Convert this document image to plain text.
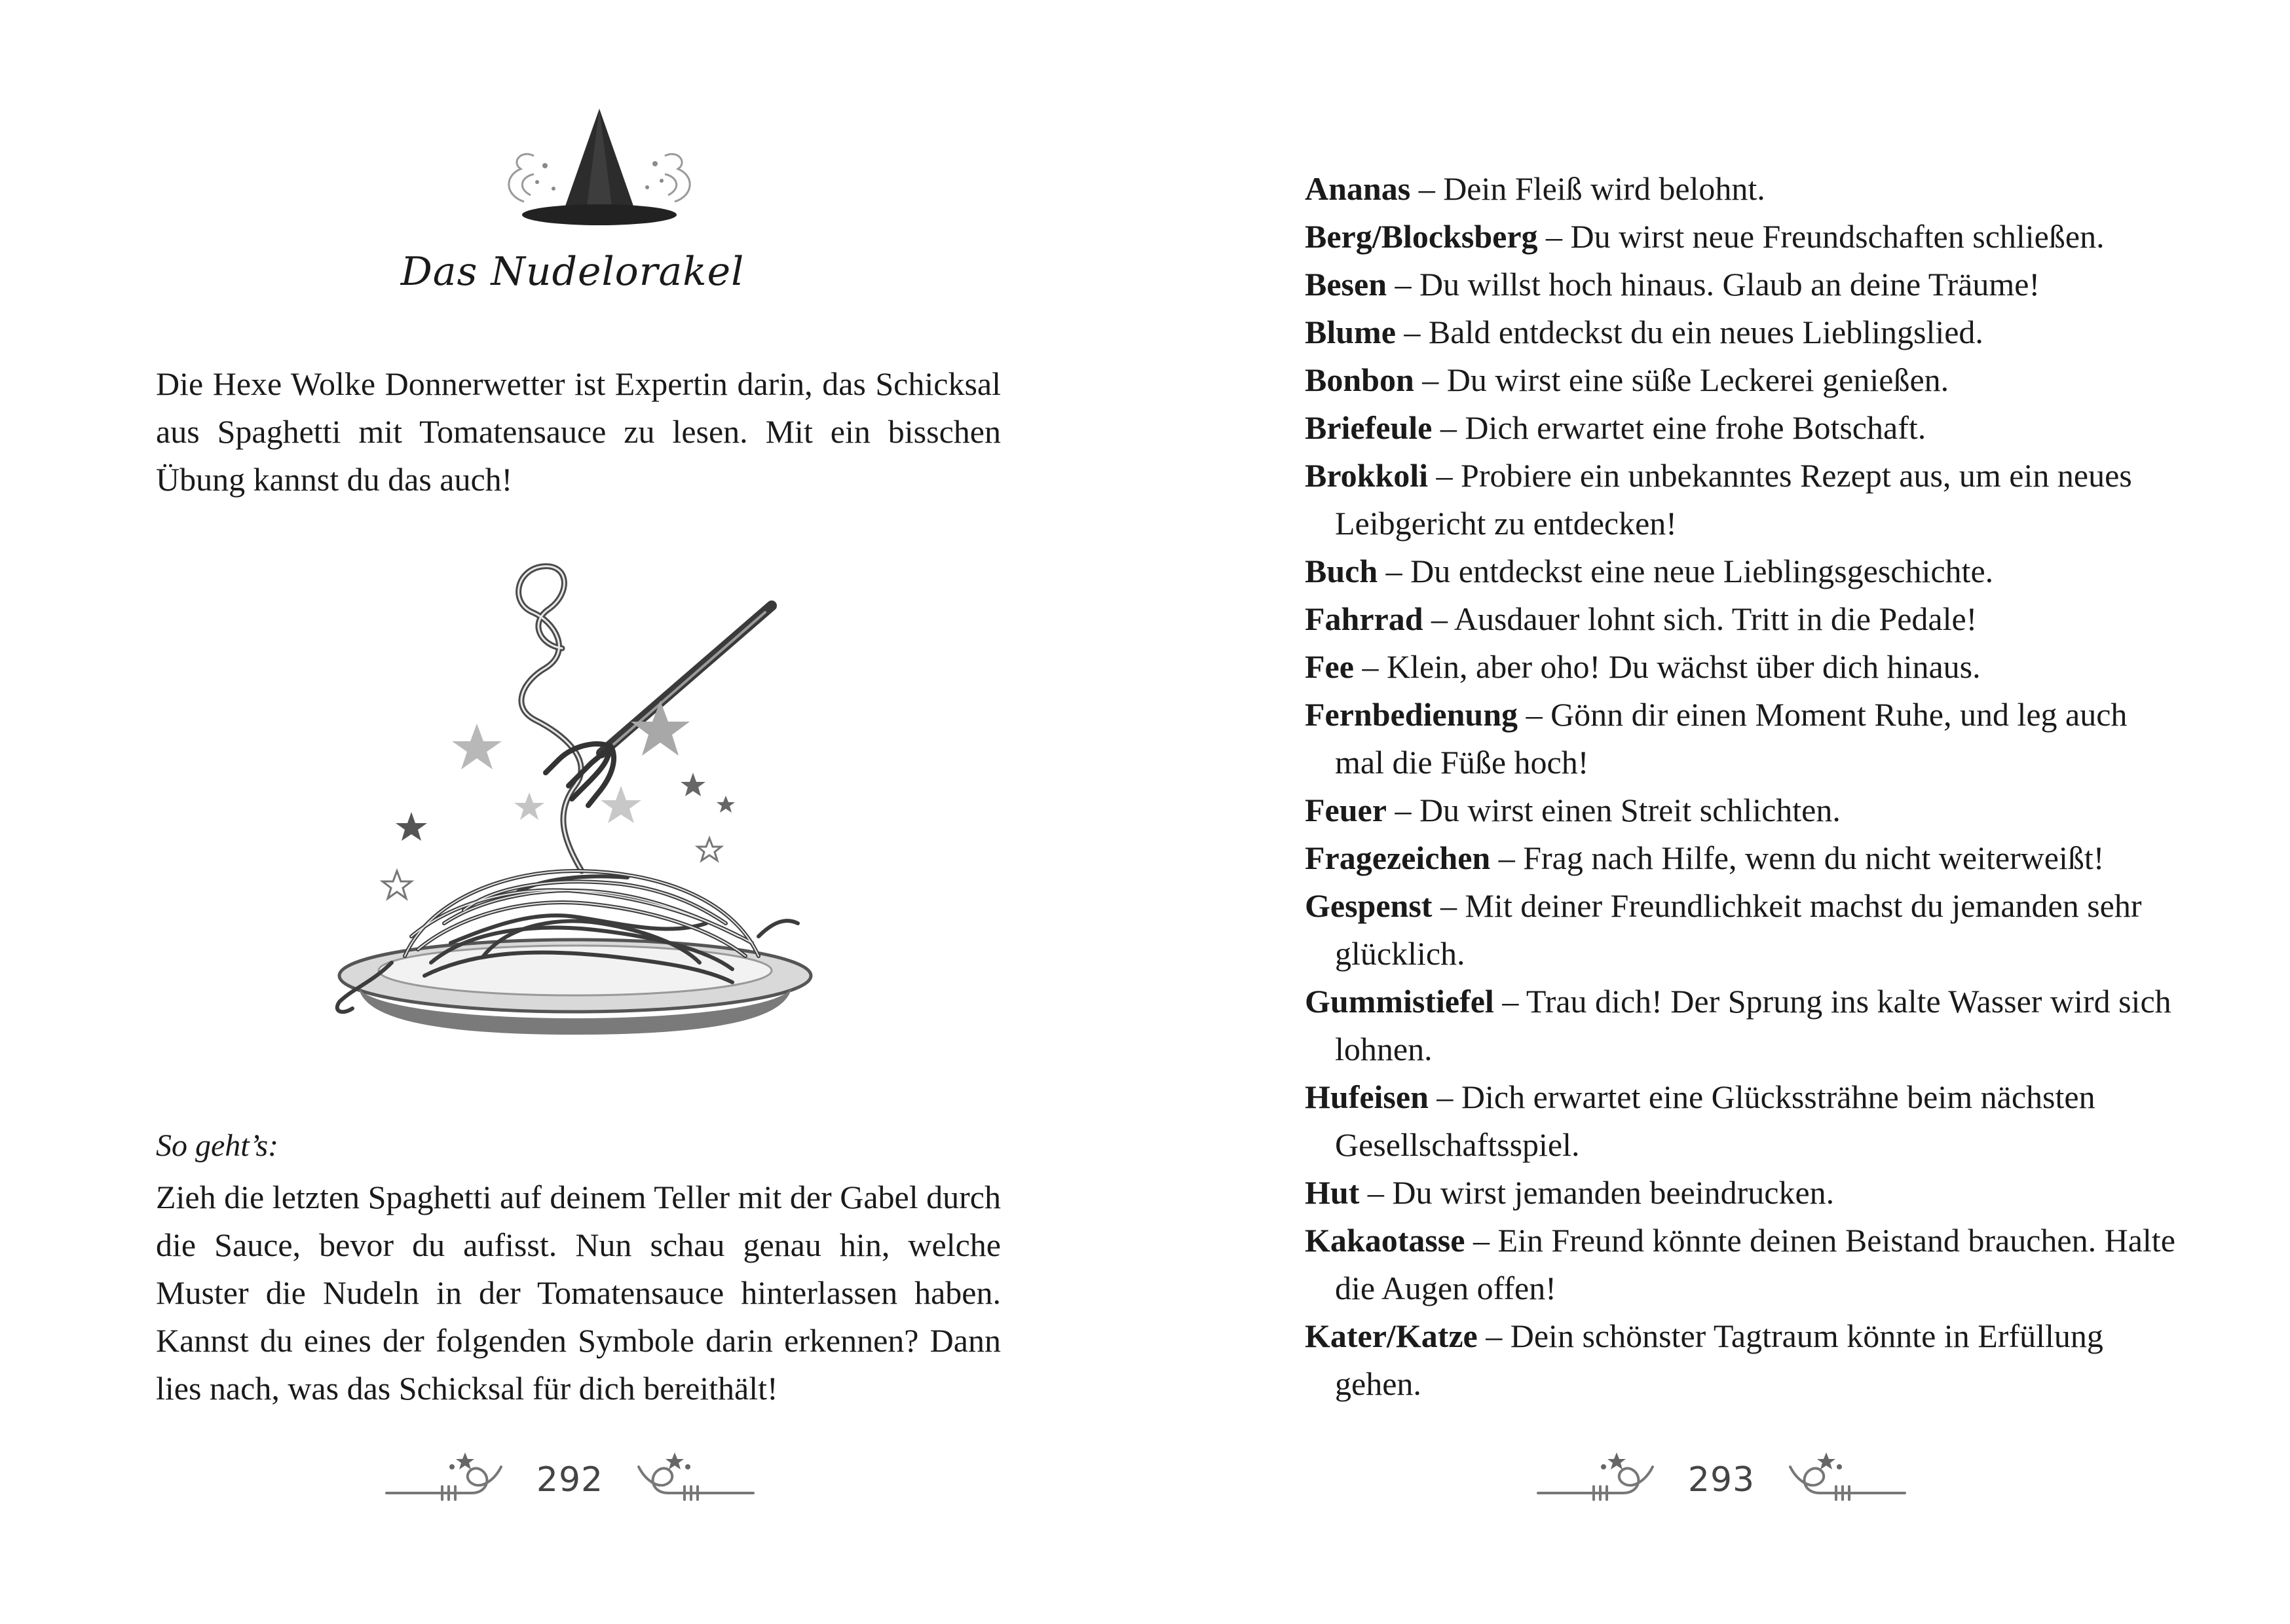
Das Nudelorakel

Die Hexe Wolke Donnerwetter ist Expertin darin, das Schicksal aus Spaghetti mit Tomatensauce zu lesen. Mit ein bisschen Übung kannst du das auch!

So geht’s:

Zieh die letzten Spaghetti auf deinem Teller mit der Gabel durch die Sauce, bevor du aufisst. Nun schau genau hin, welche Muster die Nudeln in der Tomatensauce hinterlassen haben. Kannst du eines der folgenden Symbole darin erkennen? Dann lies nach, was das Schicksal für dich bereithält!

292
Ananas – Dein Fleiß wird belohnt.
Berg/Blocksberg – Du wirst neue Freundschaften schließen.
Besen – Du willst hoch hinaus. Glaub an deine Träume!
Blume – Bald entdeckst du ein neues Lieblingslied.
Bonbon – Du wirst eine süße Leckerei genießen.
Briefeule – Dich erwartet eine frohe Botschaft.
Brokkoli – Probiere ein unbekanntes Rezept aus, um ein neues Leibgericht zu entdecken!
Buch – Du entdeckst eine neue Lieblingsgeschichte.
Fahrrad – Ausdauer lohnt sich. Tritt in die Pedale!
Fee – Klein, aber oho! Du wächst über dich hinaus.
Fernbedienung – Gönn dir einen Moment Ruhe, und leg auch mal die Füße hoch!
Feuer – Du wirst einen Streit schlichten.
Fragezeichen – Frag nach Hilfe, wenn du nicht weiterweißt!
Gespenst – Mit deiner Freundlichkeit machst du jemanden sehr glücklich.
Gummistiefel – Trau dich! Der Sprung ins kalte Wasser wird sich lohnen.
Hufeisen – Dich erwartet eine Glückssträhne beim nächsten Gesellschaftsspiel.
Hut – Du wirst jemanden beeindrucken.
Kakaotasse – Ein Freund könnte deinen Beistand brauchen. Halte die Augen offen!
Kater/Katze – Dein schönster Tagtraum könnte in Erfüllung gehen.
293
